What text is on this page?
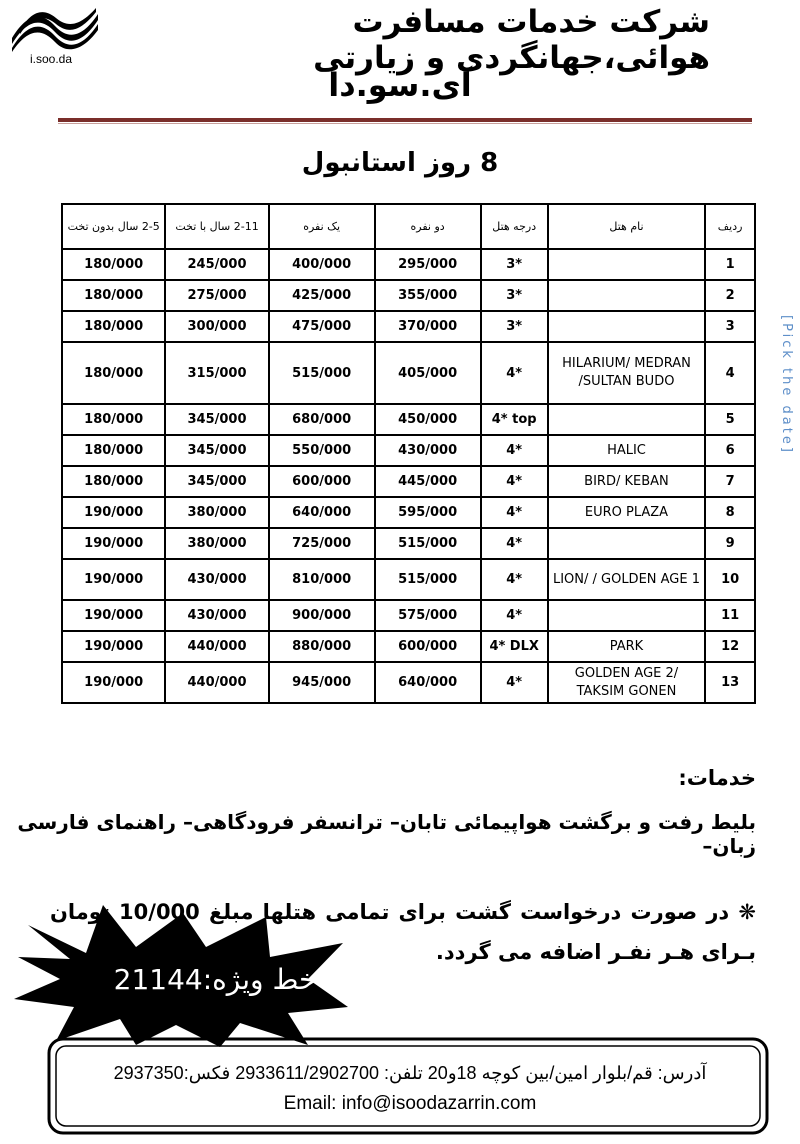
i.soo.da
شرکت خدمات مسافرت هوائی،جهانگردی و زیارتی
آی.سو.دا
8 روز استانبول
[Pick the date]
ردیف	نام هتل	درجه هتل	دو نفره	یک نفره	2-11 سال با تخت	2-5 سال بدون تخت
1		3*	295/000	400/000	245/000	180/000
2		3*	355/000	425/000	275/000	180/000
3		3*	370/000	475/000	300/000	180/000
4	HILARIUM/ MEDRAN /SULTAN BUDO	4*	405/000	515/000	315/000	180/000
5		4* top	450/000	680/000	345/000	180/000
6	HALIC	4*	430/000	550/000	345/000	180/000
7	BIRD/ KEBAN	4*	445/000	600/000	345/000	180/000
8	EURO PLAZA	4*	595/000	640/000	380/000	190/000
9		4*	515/000	725/000	380/000	190/000
10	LION/ / GOLDEN AGE 1	4*	515/000	810/000	430/000	190/000
11		4*	575/000	900/000	430/000	190/000
12	PARK	4* DLX	600/000	880/000	440/000	190/000
13	GOLDEN AGE 2/ TAKSIM GONEN	4*	640/000	945/000	440/000	190/000
خدمات:
بلیط رفت و برگشت هواپیمائی تابان– ترانسفر فرودگاهی– راهنمای فارسی زبان–
❋ در صورت درخواست گشت برای تمامی هتلها مبلغ 10/000 تومان بـرای هـر نفـر اضافه می گردد.
خط ویژه:21144
آدرس: قم/بلوار امین/بین کوچه 18و20 تلفن: 2933611/2902700 فکس:2937350
Email: info@isoodazarrin.com
